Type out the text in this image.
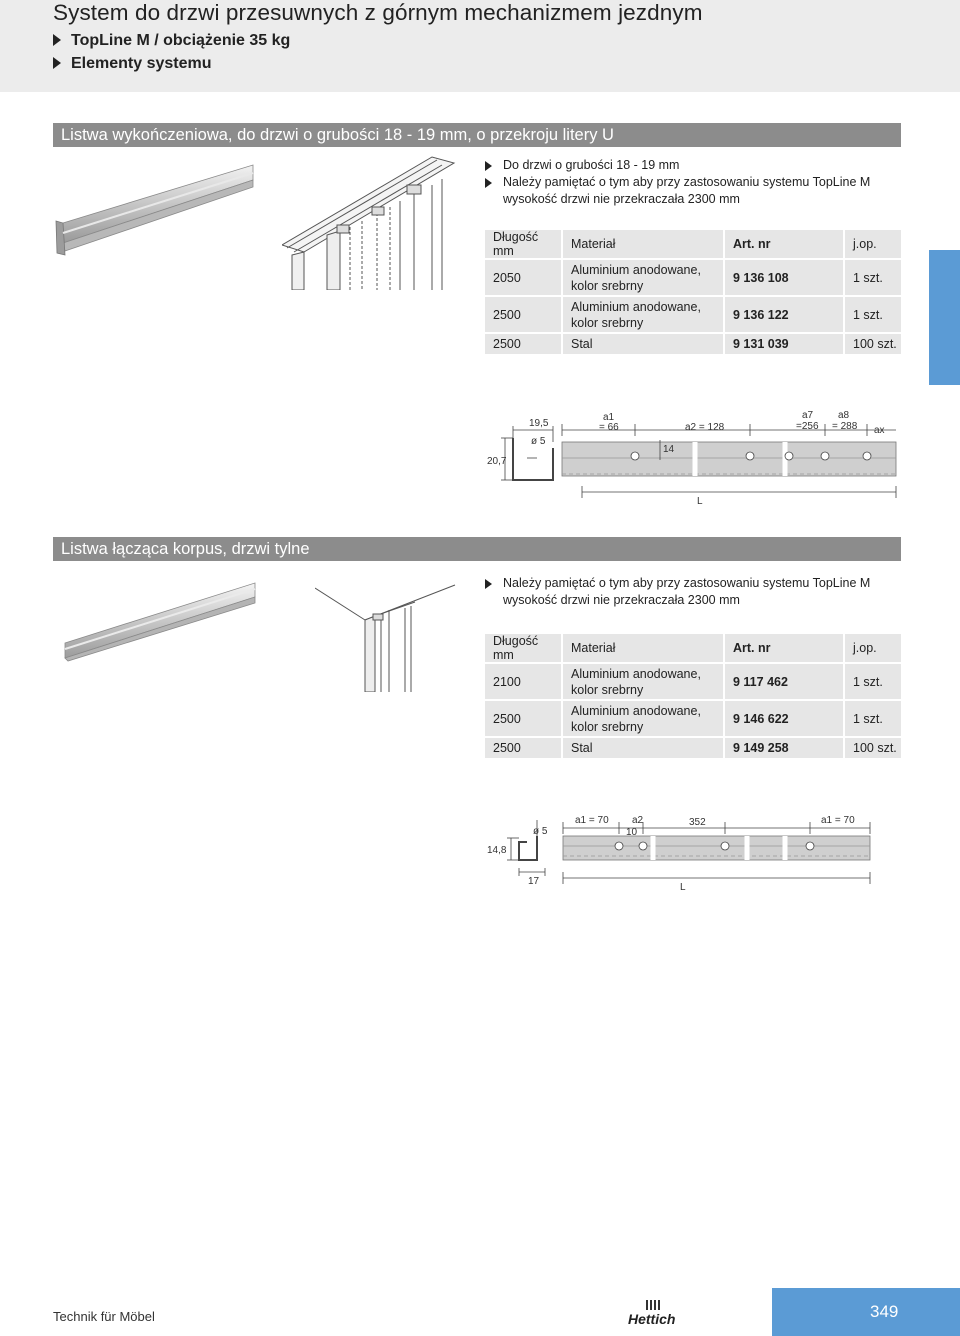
System do drzwi przesuwnych z górnym mechanizmem jezdnym
TopLine M / obciążenie 35 kg
Elementy systemu
Listwa wykończeniowa, do drzwi o grubości 18 - 19 mm, o przekroju litery U
Do drzwi o grubości 18 - 19 mm
Należy pamiętać o tym aby przy zastosowaniu systemu TopLine M
wysokość drzwi nie przekraczała 2300 mm
Długość mm	Materiał	Art. nr	j.op.
2050	Aluminium anodowane,
kolor srebrny	9 136 108	1 szt.
2500	Aluminium anodowane,
kolor srebrny	9 136 122	1 szt.
2500	Stal	9 131 039	100 szt.
19,5
ø 5
20,7
a1
= 66	a2 = 128
14
a7
=256
a8
= 288 ax
L
Listwa łącząca korpus, drzwi tylne
Należy pamiętać o tym aby przy zastosowaniu systemu TopLine M
wysokość drzwi nie przekraczała 2300 mm
Długość mm	Materiał	Art. nr	j.op.
2100	Aluminium anodowane,
kolor srebrny	9 117 462	1 szt.
2500	Aluminium anodowane,
kolor srebrny	9 146 622	1 szt.
2500	Stal	9 149 258	100 szt.
ø 5
14,8
17
a1 = 70 a2
10
352	a1 = 70
L
Technik für Möbel	Hettich	349
